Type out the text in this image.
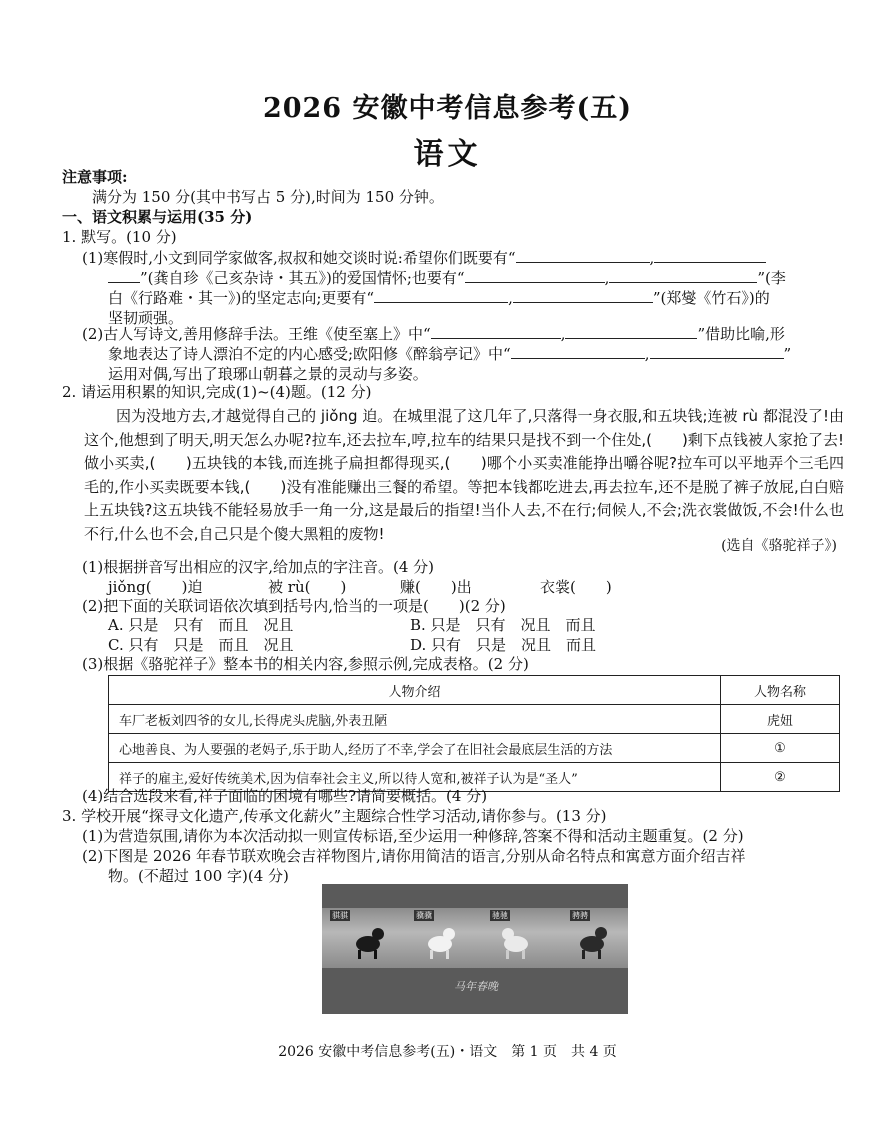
2026 安徽中考信息参考(五)
语文
注意事项:
满分为 150 分(其中书写占 5 分),时间为 150 分钟。
一、语文积累与运用(35 分)
1. 默写。(10 分)
(1)寒假时,小文到同学家做客,叔叔和她交谈时说:希望你们既要有“	,
”(龚自珍《己亥杂诗・其五》)的爱国情怀;也要有“	,	”(李
白《行路难・其一》)的坚定志向;更要有“	,	”(郑燮《竹石》)的
坚韧顽强。
(2)古人写诗文,善用修辞手法。王维《使至塞上》中“	,	”借助比喻,形
象地表达了诗人漂泊不定的内心感受;欧阳修《醉翁亭记》中“	,	”
运用对偶,写出了琅琊山朝暮之景的灵动与多姿。
2. 请运用积累的知识,完成(1)~(4)题。(12 分)
因为没地方去,才越觉得自己的 jiǒng 迫。在城里混了这几年了,只落得一身衣服,和五块钱;连被 rù 都混没了!由这个,他想到了明天,明天怎么办呢?拉车,还去拉车,哼,拉车的结果只是找不到一个住处,(　　)剩下点钱被人家抢了去!做小买卖,(　　)五块钱的本钱,而连挑子扁担都得现买,(　　)哪个小买卖准能挣出嚼谷呢?拉车可以平地弄个三毛四毛的,作小买卖既要本钱,(　　)没有准能赚出三餐的希望。等把本钱都吃进去,再去拉车,还不是脱了裤子放屁,白白赔上五块钱?这五块钱不能轻易放手一角一分,这是最后的指望!当仆人去,不在行;伺候人,不会;洗衣裳做饭,不会!什么也不行,什么也不会,自己只是个傻大黑粗的废物!
(选自《骆驼祥子》)
(1)根据拼音写出相应的汉字,给加点的字注音。(4 分)
jiǒng(　　)迫	被 rù(　　)	赚(　　)出	衣裳(　　)
(2)把下面的关联词语依次填到括号内,恰当的一项是(　　)(2 分)
A. 只是　只有　而且　况且	B. 只是　只有　况且　而且
C. 只有　只是　而且　况且	D. 只有　只是　况且　而且
(3)根据《骆驼祥子》整本书的相关内容,参照示例,完成表格。(2 分)
人物介绍	人物名称
车厂老板刘四爷的女儿,长得虎头虎脑,外表丑陋	虎妞
心地善良、为人要强的老妈子,乐于助人,经历了不幸,学会了在旧社会最底层生活的方法	①
祥子的雇主,爱好传统美术,因为信奉社会主义,所以待人宽和,被祥子认为是“圣人”	②
(4)结合选段来看,祥子面临的困境有哪些?请简要概括。(4 分)
3. 学校开展“探寻文化遗产,传承文化薪火”主题综合性学习活动,请你参与。(13 分)
(1)为营造氛围,请你为本次活动拟一则宣传标语,至少运用一种修辞,答案不得和活动主题重复。(2 分)
(2)下图是 2026 年春节联欢晚会吉祥物图片,请你用简洁的语言,分别从命名特点和寓意方面介绍吉祥
物。(不超过 100 字)(4 分)
骐骐	骥骥	驰驰	骋骋
马年春晚
2026 安徽中考信息参考(五)・语文　第 1 页　共 4 页
